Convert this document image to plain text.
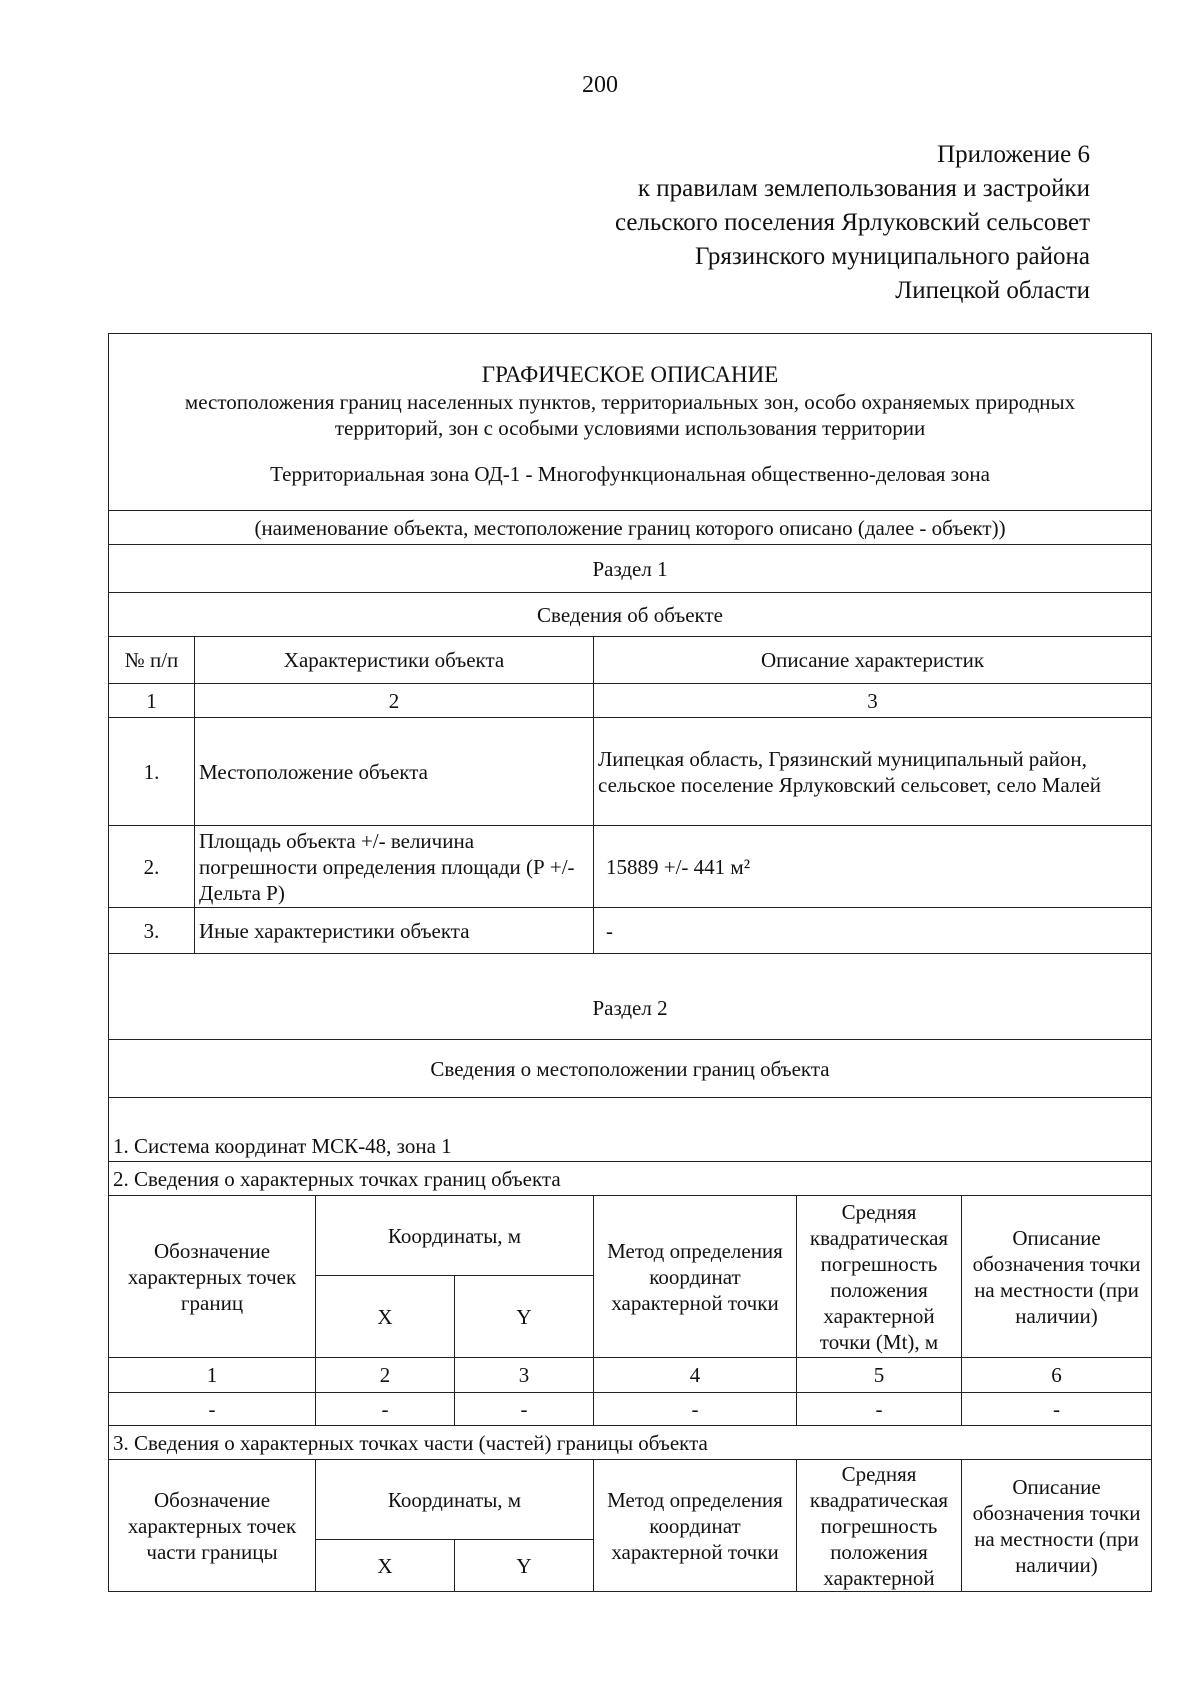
200
Приложение 6
к правилам землепользования и застройки
сельского поселения Ярлуковский сельсовет
Грязинского муниципального района
Липецкой области
ГРАФИЧЕСКОЕ ОПИСАНИЕ
местоположения границ населенных пунктов, территориальных зон, особо охраняемых природных
территорий, зон с особыми условиями использования территории
Территориальная зона ОД-1 - Многофункциональная общественно-деловая зона						

(наименование объекта, местоположение границ которого описано (далее - объект))						
Раздел 1						
Сведения об объекте						
№ п/п	Характеристики объекта			Описание характеристик		
1	2			3		
1.	Местоположение объекта			Липецкая область, Грязинский муниципальный район, сельское поселение Ярлуковский сельсовет, село Малей		
2.	Площадь объекта +/- величина погрешности определения площади (Р +/- Дельта Р)			15889 +/- 441 м²		
3.	Иные характеристики объекта			-		
Раздел 2						
Сведения о местоположении границ объекта						
1. Система координат МСК-48, зона 1						
2. Сведения о характерных точках границ объекта						
Обозначение характерных точек границ		Координаты, м		Метод определения координат характерной точки	Средняя квадратическая погрешность положения характерной точки (Mt), м	Описание обозначения точки на местности (при наличии)
		X	Y			
1		2	3	4	5	6
-		-	-	-	-	-
3. Сведения о характерных точках части (частей) границы объекта						
Обозначение характерных точек части границы		Координаты, м		Метод определения координат характерной точки	Средняя квадратическая погрешность положения характерной	Описание обозначения точки на местности (при наличии)
		X	Y			
